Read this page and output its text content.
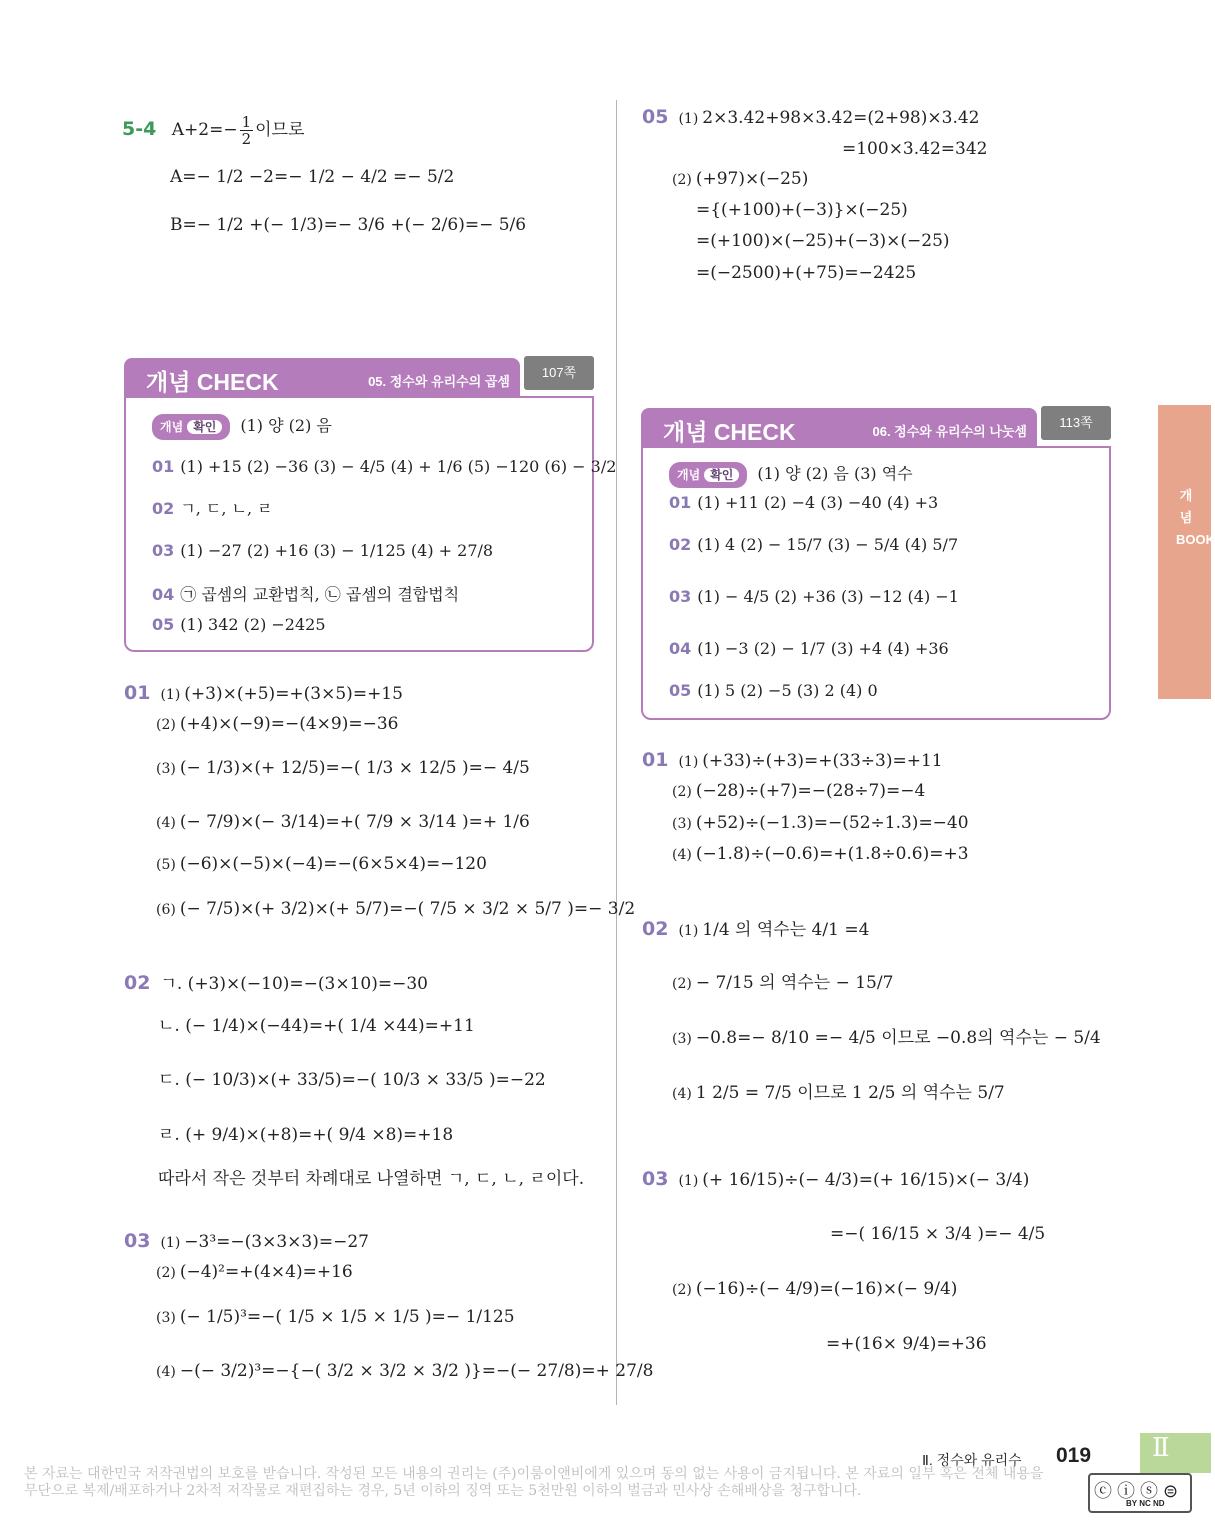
5-4 $A+2=- \frac{1}{2}$ 이므로
A=− 1/2 −2=− 1/2 − 4/2 =− 5/2
B=− 1/2 +(− 1/3)=− 3/6 +(− 2/6)=− 5/6
개념 CHECK	05. 정수와 유리수의 곱셈
107쪽
개념 확인 (1) 양 (2) 음
01 (1) +15 (2) −36 (3) − 4/5 (4) + 1/6 (5) −120 (6) − 3/2
02 ㄱ, ㄷ, ㄴ, ㄹ
03 (1) −27 (2) +16 (3) − 1/125 (4) + 27/8
04 ㉠ 곱셈의 교환법칙, ㉡ 곱셈의 결합법칙
05 (1) 342 (2) −2425
01 (1) (+3)×(+5)=+(3×5)=+15
(2) (+4)×(−9)=−(4×9)=−36
(3) (− 1/3)×(+ 12/5)=−( 1/3 × 12/5 )=− 4/5
(4) (− 7/9)×(− 3/14)=+( 7/9 × 3/14 )=+ 1/6
(5) (−6)×(−5)×(−4)=−(6×5×4)=−120
(6) (− 7/5)×(+ 3/2)×(+ 5/7)=−( 7/5 × 3/2 × 5/7 )=− 3/2
02 ㄱ. (+3)×(−10)=−(3×10)=−30
ㄴ. (− 1/4)×(−44)=+( 1/4 ×44)=+11
ㄷ. (− 10/3)×(+ 33/5)=−( 10/3 × 33/5 )=−22
ㄹ. (+ 9/4)×(+8)=+( 9/4 ×8)=+18
따라서 작은 것부터 차례대로 나열하면 ㄱ, ㄷ, ㄴ, ㄹ이다.
03 (1) −3³=−(3×3×3)=−27
(2) (−4)²=+(4×4)=+16
(3) (− 1/5)³=−( 1/5 × 1/5 × 1/5 )=− 1/125
(4) −(− 3/2)³=−{−( 3/2 × 3/2 × 3/2 )}=−(− 27/8)=+ 27/8
05 (1) 2×3.42+98×3.42=(2+98)×3.42
=100×3.42=342
(2) (+97)×(−25)
={(+100)+(−3)}×(−25)
=(+100)×(−25)+(−3)×(−25)
=(−2500)+(+75)=−2425
개념 CHECK	06. 정수와 유리수의 나눗셈
113쪽
개념 확인 (1) 양 (2) 음 (3) 역수
01 (1) +11 (2) −4 (3) −40 (4) +3
02 (1) 4 (2) − 15/7 (3) − 5/4 (4) 5/7
03 (1) − 4/5 (2) +36 (3) −12 (4) −1
04 (1) −3 (2) − 1/7 (3) +4 (4) +36
05 (1) 5 (2) −5 (3) 2 (4) 0
01 (1) (+33)÷(+3)=+(33÷3)=+11
(2) (−28)÷(+7)=−(28÷7)=−4
(3) (+52)÷(−1.3)=−(52÷1.3)=−40
(4) (−1.8)÷(−0.6)=+(1.8÷0.6)=+3
02 (1) 1/4 의 역수는 4/1 =4
(2) − 7/15 의 역수는 − 15/7
(3) −0.8=− 8/10 =− 4/5 이므로 −0.8의 역수는 − 5/4
(4) 1 2/5 = 7/5 이므로 1 2/5 의 역수는 5/7
03 (1) (+ 16/15)÷(− 4/3)=(+ 16/15)×(− 3/4)
=−( 16/15 × 3/4 )=− 4/5
(2) (−16)÷(− 4/9)=(−16)×(− 9/4)
=+(16× 9/4)=+36
개념 BOOK
Ⅱ. 정수와 유리수 019	Ⅱ
본 자료는 대한민국 저작권법의 보호를 받습니다. 작성된 모든 내용의 권리는 (주)이룸이앤비에게 있으며 동의 없는 사용이 금지됩니다. 본 자료의 일부 혹은 전체 내용을 무단으로 복제/배포하거나 2차적 저작물로 재편집하는 경우, 5년 이하의 징역 또는 5천만원 이하의 벌금과 민사상 손해배상을 청구합니다.	ⓒ ⓘ ⓢ ⊜
BY NC ND
